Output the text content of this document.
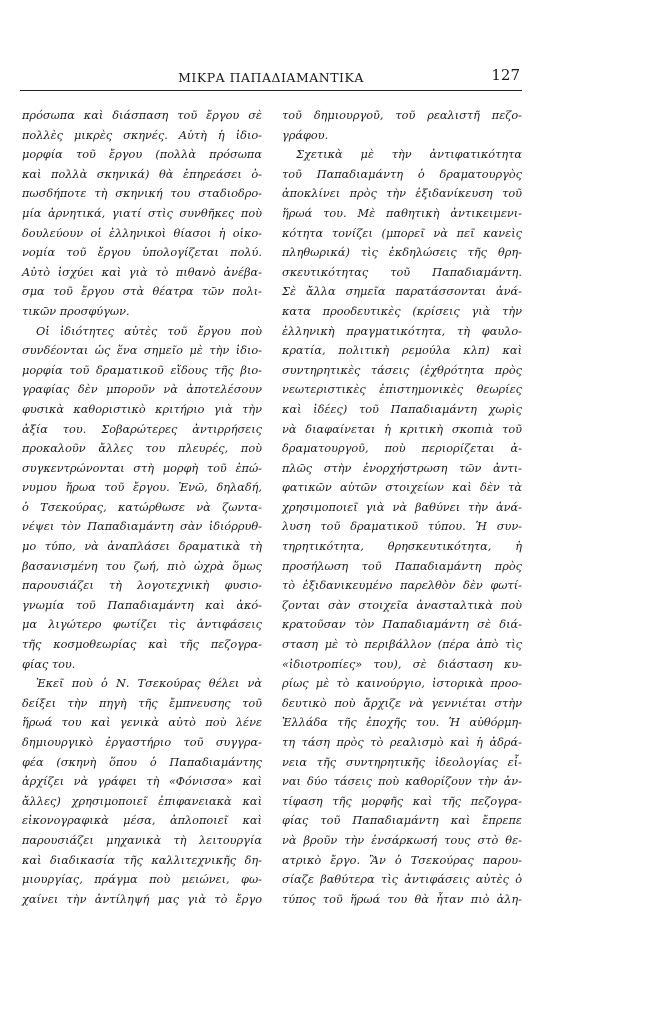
ΜΙΚΡΑ ΠΑΠΑΔΙΑΜΑΝΤΙΚΑ	127
πρόσωπα καὶ διάσπαση τοῦ ἔργου σὲ
πολλὲς μικρὲς σκηνές. Αὐτὴ ἡ ἰδιο-
μορφία τοῦ ἔργου (πολλὰ πρόσωπα
καὶ πολλὰ σκηνικά) θὰ ἐπηρεάσει ὁ-
πωσδήποτε τὴ σκηνική του σταδιοδρο-
μία ἀρνητικά, γιατί στὶς συνθῆκες ποὺ
δουλεύουν οἱ ἑλληνικοὶ θίασοι ἡ οἰκο-
νομία τοῦ ἔργου ὑπολογίζεται πολύ.
Αὐτὸ ἰσχύει καὶ γιὰ τὸ πιθανὸ ἀνέβα-
σμα τοῦ ἔργου στὰ θέατρα τῶν πολι-
τικῶν προσφύγων.
Οἱ ἰδιότητες αὐτὲς τοῦ ἔργου ποὺ
συνδέονται ὡς ἕνα σημεῖο μὲ τὴν ἰδιο-
μορφία τοῦ δραματικοῦ εἴδους τῆς βιο-
γραφίας δὲν μποροῦν νὰ ἀποτελέσουν
φυσικὰ καθοριστικὸ κριτήριο γιὰ τὴν
ἀξία του. Σοβαρώτερες ἀντιρρήσεις
προκαλοῦν ἄλλες του πλευρές, ποὺ
συγκεντρώνονται στὴ μορφὴ τοῦ ἐπώ-
νυμου ἥρωα τοῦ ἔργου. Ἐνῶ, δηλαδή,
ὁ Τσεκούρας, κατώρθωσε νὰ ζωντα-
νέψει τὸν Παπαδιαμάντη σὰν ἰδιόρρυθ-
μο τύπο, νὰ ἀναπλάσει δραματικὰ τὴ
βασανισμένη του ζωή, πιὸ ὠχρὰ ὅμως
παρουσιάζει τὴ λογοτεχνικὴ φυσιο-
γνωμία τοῦ Παπαδιαμάντη καὶ ἀκό-
μα λιγώτερο φωτίζει τὶς ἀντιφάσεις
τῆς κοσμοθεωρίας καὶ τῆς πεζογρα-
φίας του.
Ἐκεῖ ποὺ ὁ Ν. Τσεκούρας θέλει νὰ
δείξει τὴν πηγὴ τῆς ἔμπνευσης τοῦ
ἥρωά του καὶ γενικὰ αὐτὸ ποὺ λένε
δημιουργικὸ ἐργαστήριο τοῦ συγγρα-
φέα (σκηνὴ ὅπου ὁ Παπαδιαμάντης
ἀρχίζει νὰ γράφει τὴ «Φόνισσα» καὶ
ἄλλες) χρησιμοποιεῖ ἐπιφανειακὰ καὶ
εἰκονογραφικὰ μέσα, ἁπλοποιεῖ καὶ
παρουσιάζει μηχανικὰ τὴ λειτουργία
καὶ διαδικασία τῆς καλλιτεχνικῆς δη-
μιουργίας, πράγμα ποὺ μειώνει, φω-
χαίνει τὴν ἀντίληψή μας γιὰ τὸ ἔργο
τοῦ δημιουργοῦ, τοῦ ρεαλιστῆ πεζο-
γράφου.
Σχετικὰ μὲ τὴν ἀντιφατικότητα
τοῦ Παπαδιαμάντη ὁ δραματουργὸς
ἀποκλίνει πρὸς τὴν ἐξιδανίκευση τοῦ
ἥρωά του. Μὲ παθητικὴ ἀντικειμενι-
κότητα τονίζει (μπορεῖ νὰ πεῖ κανεὶς
πληθωρικά) τὶς ἐκδηλώσεις τῆς θρη-
σκευτικότητας τοῦ Παπαδιαμάντη.
Σὲ ἄλλα σημεῖα παρατάσσονται ἀνά-
κατα προοδευτικὲς (κρίσεις γιὰ τὴν
ἑλληνικὴ πραγματικότητα, τὴ φαυλο-
κρατία, πολιτικὴ ρεμούλα κλπ) καὶ
συντηρητικὲς τάσεις (ἐχθρότητα πρὸς
νεωτεριστικὲς ἐπιστημονικὲς θεωρίες
καὶ ἰδέες) τοῦ Παπαδιαμάντη χωρὶς
νὰ διαφαίνεται ἡ κριτικὴ σκοπιὰ τοῦ
δραματουργοῦ, ποὺ περιορίζεται ἁ-
πλῶς στὴν ἐνορχήστρωση τῶν ἀντι-
φατικῶν αὐτῶν στοιχείων καὶ δὲν τὰ
χρησιμοποιεῖ γιὰ νὰ βαθύνει τὴν ἀνά-
λυση τοῦ δραματικοῦ τύπου. Ἡ συν-
τηρητικότητα, θρησκευτικότητα, ἡ
προσήλωση τοῦ Παπαδιαμάντη πρὸς
τὸ ἐξιδανικευμένο παρελθὸν δὲν φωτί-
ζονται σὰν στοιχεῖα ἀνασταλτικὰ ποὺ
κρατοῦσαν τὸν Παπαδιαμάντη σὲ διά-
σταση μὲ τὸ περιβάλλον (πέρα ἀπὸ τὶς
«ἰδιοτροπίες» του), σὲ διάσταση κυ-
ρίως μὲ τὸ καινούργιο, ἱστορικὰ προο-
δευτικὸ ποὺ ἄρχιζε νὰ γεννιέται στὴν
Ἑλλάδα τῆς ἐποχῆς του. Ἡ αὐθόρμη-
τη τάση πρὸς τὸ ρεαλισμὸ καὶ ἡ ἀδρά-
νεια τῆς συντηρητικῆς ἰδεολογίας εἶ-
ναι δύο τάσεις ποὺ καθορίζουν τὴν ἀν-
τίφαση τῆς μορφῆς καὶ τῆς πεζογρα-
φίας τοῦ Παπαδιαμάντη καὶ ἔπρεπε
νὰ βροῦν τὴν ἐνσάρκωσή τους στὸ θε-
ατρικὸ ἔργο. Ἂν ὁ Τσεκούρας παρου-
σίαζε βαθύτερα τὶς ἀντιφάσεις αὐτὲς ὁ
τύπος τοῦ ἥρωά του θὰ ἦταν πιὸ ἀλη-
